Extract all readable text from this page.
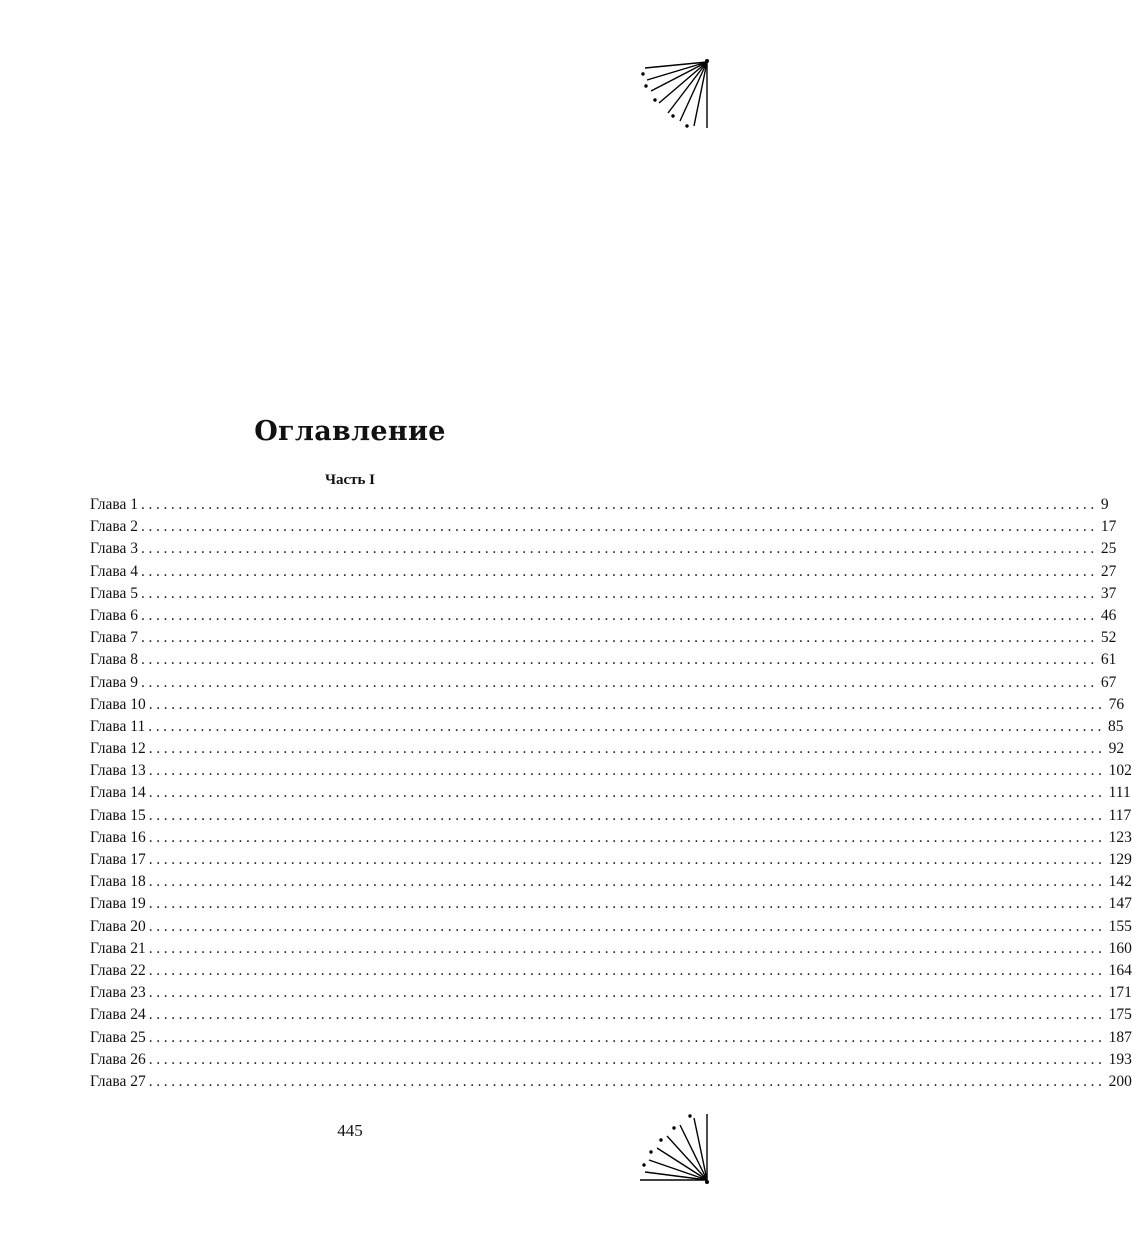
Оглавление
Часть I
Глава 1 ................................................................................................................................ 9
Глава 2 ................................................................................................................................ 17
Глава 3 ................................................................................................................................ 25
Глава 4 ................................................................................................................................ 27
Глава 5 ................................................................................................................................ 37
Глава 6 ................................................................................................................................ 46
Глава 7 ................................................................................................................................ 52
Глава 8 ................................................................................................................................ 61
Глава 9 ................................................................................................................................ 67
Глава 10 ................................................................................................................................ 76
Глава 11 ................................................................................................................................ 85
Глава 12 ................................................................................................................................ 92
Глава 13 ................................................................................................................................ 102
Глава 14 ................................................................................................................................ 111
Глава 15 ................................................................................................................................ 117
Глава 16 ................................................................................................................................ 123
Глава 17 ................................................................................................................................ 129
Глава 18 ................................................................................................................................ 142
Глава 19 ................................................................................................................................ 147
Глава 20 ................................................................................................................................ 155
Глава 21 ................................................................................................................................ 160
Глава 22 ................................................................................................................................ 164
Глава 23 ................................................................................................................................ 171
Глава 24 ................................................................................................................................ 175
Глава 25 ................................................................................................................................ 187
Глава 26 ................................................................................................................................ 193
Глава 27 ................................................................................................................................ 200
445
